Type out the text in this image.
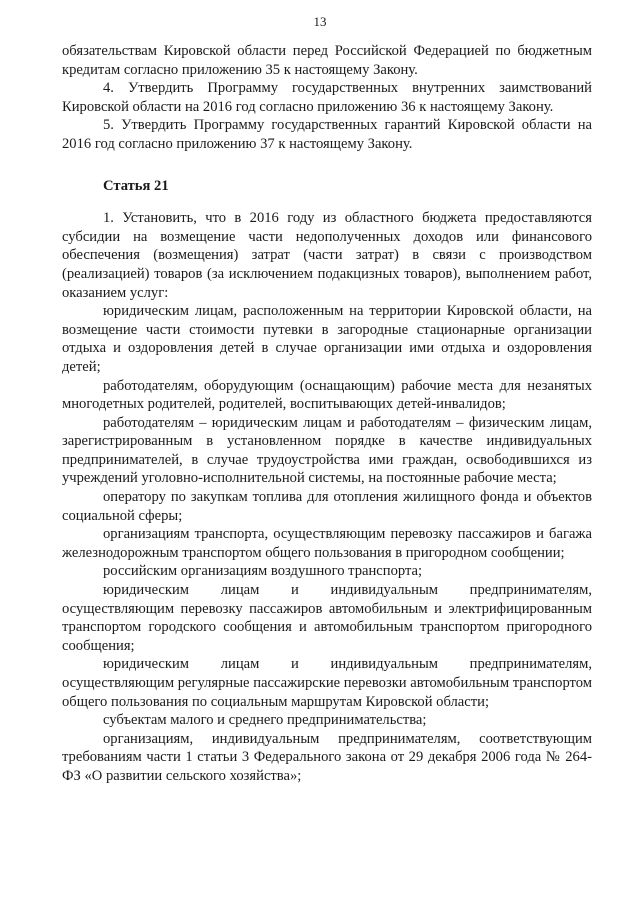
13

обязательствам Кировской области перед Российской Федерацией по бюджетным кредитам согласно приложению 35 к настоящему Закону.

4. Утвердить Программу государственных внутренних заимствований Кировской области на 2016 год согласно приложению 36 к настоящему Закону.

5. Утвердить Программу государственных гарантий Кировской области на 2016 год согласно приложению 37 к настоящему Закону.

Статья 21

1. Установить, что в 2016 году из областного бюджета предоставляются субсидии на возмещение части недополученных доходов или финансового обеспечения (возмещения) затрат (части затрат) в связи с производством (реализацией) товаров (за исключением подакцизных товаров), выполнением работ, оказанием услуг:

юридическим лицам, расположенным на территории Кировской области, на возмещение части стоимости путевки в загородные стационарные организации отдыха и оздоровления детей в случае организации ими отдыха и оздоровления детей;

работодателям, оборудующим (оснащающим) рабочие места для незанятых многодетных родителей, родителей, воспитывающих детей-инвалидов;

работодателям – юридическим лицам и работодателям – физическим лицам, зарегистрированным в установленном порядке в качестве индивидуальных предпринимателей, в случае трудоустройства ими граждан, освободившихся из учреждений уголовно-исполнительной системы, на постоянные рабочие места;

оператору по закупкам топлива для отопления жилищного фонда и объектов социальной сферы;

организациям транспорта, осуществляющим перевозку пассажиров и багажа железнодорожным транспортом общего пользования в пригородном сообщении;

российским организациям воздушного транспорта;

юридическим лицам и индивидуальным предпринимателям, осуществляющим перевозку пассажиров автомобильным и электрифицированным транспортом городского сообщения и автомобильным транспортом пригородного сообщения;

юридическим лицам и индивидуальным предпринимателям, осуществляющим регулярные пассажирские перевозки автомобильным транспортом общего пользования по социальным маршрутам Кировской области;

субъектам малого и среднего предпринимательства;

организациям, индивидуальным предпринимателям, соответствующим требованиям части 1 статьи 3 Федерального закона от 29 декабря 2006 года № 264-ФЗ «О развитии сельского хозяйства»;
